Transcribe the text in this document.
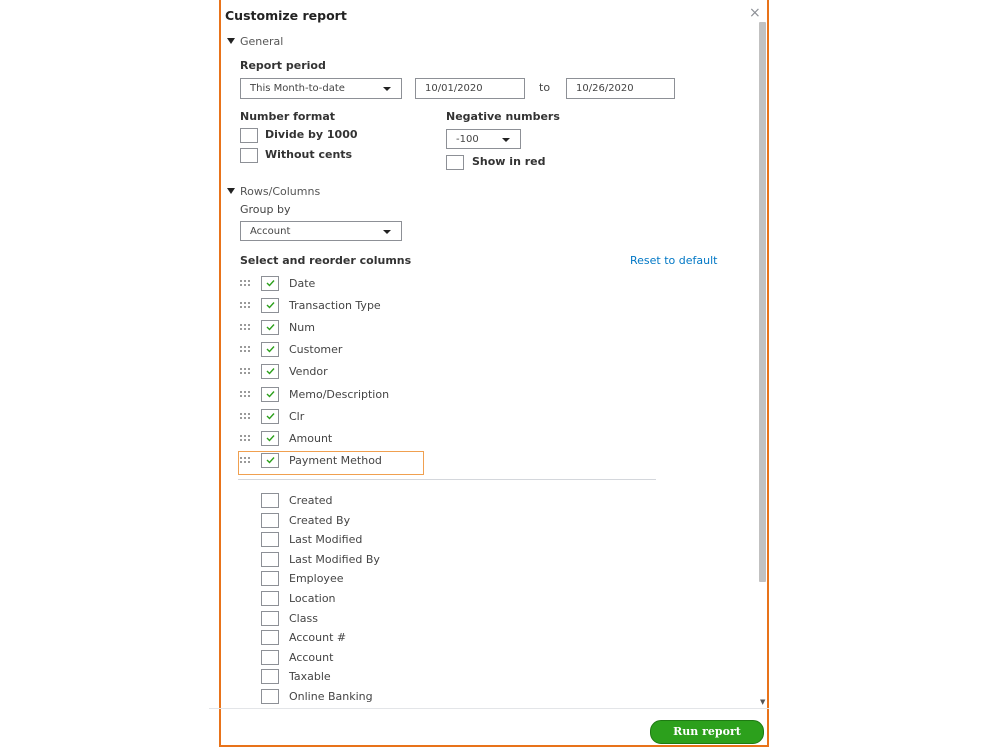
Customize report	×
General
Report period
This Month-to-date	10/01/2020	to	10/26/2020
Number format
Divide by 1000
Without cents
Negative numbers
-100
Show in red
Rows/Columns
Group by
Account
Select and reorder columns	Reset to default
Date
Transaction Type
Num
Customer
Vendor
Memo/Description
Clr
Amount
Payment Method
Created
Created By
Last Modified
Last Modified By
Employee
Location
Class
Account #
Account
Taxable
Online Banking	▼
Run report
